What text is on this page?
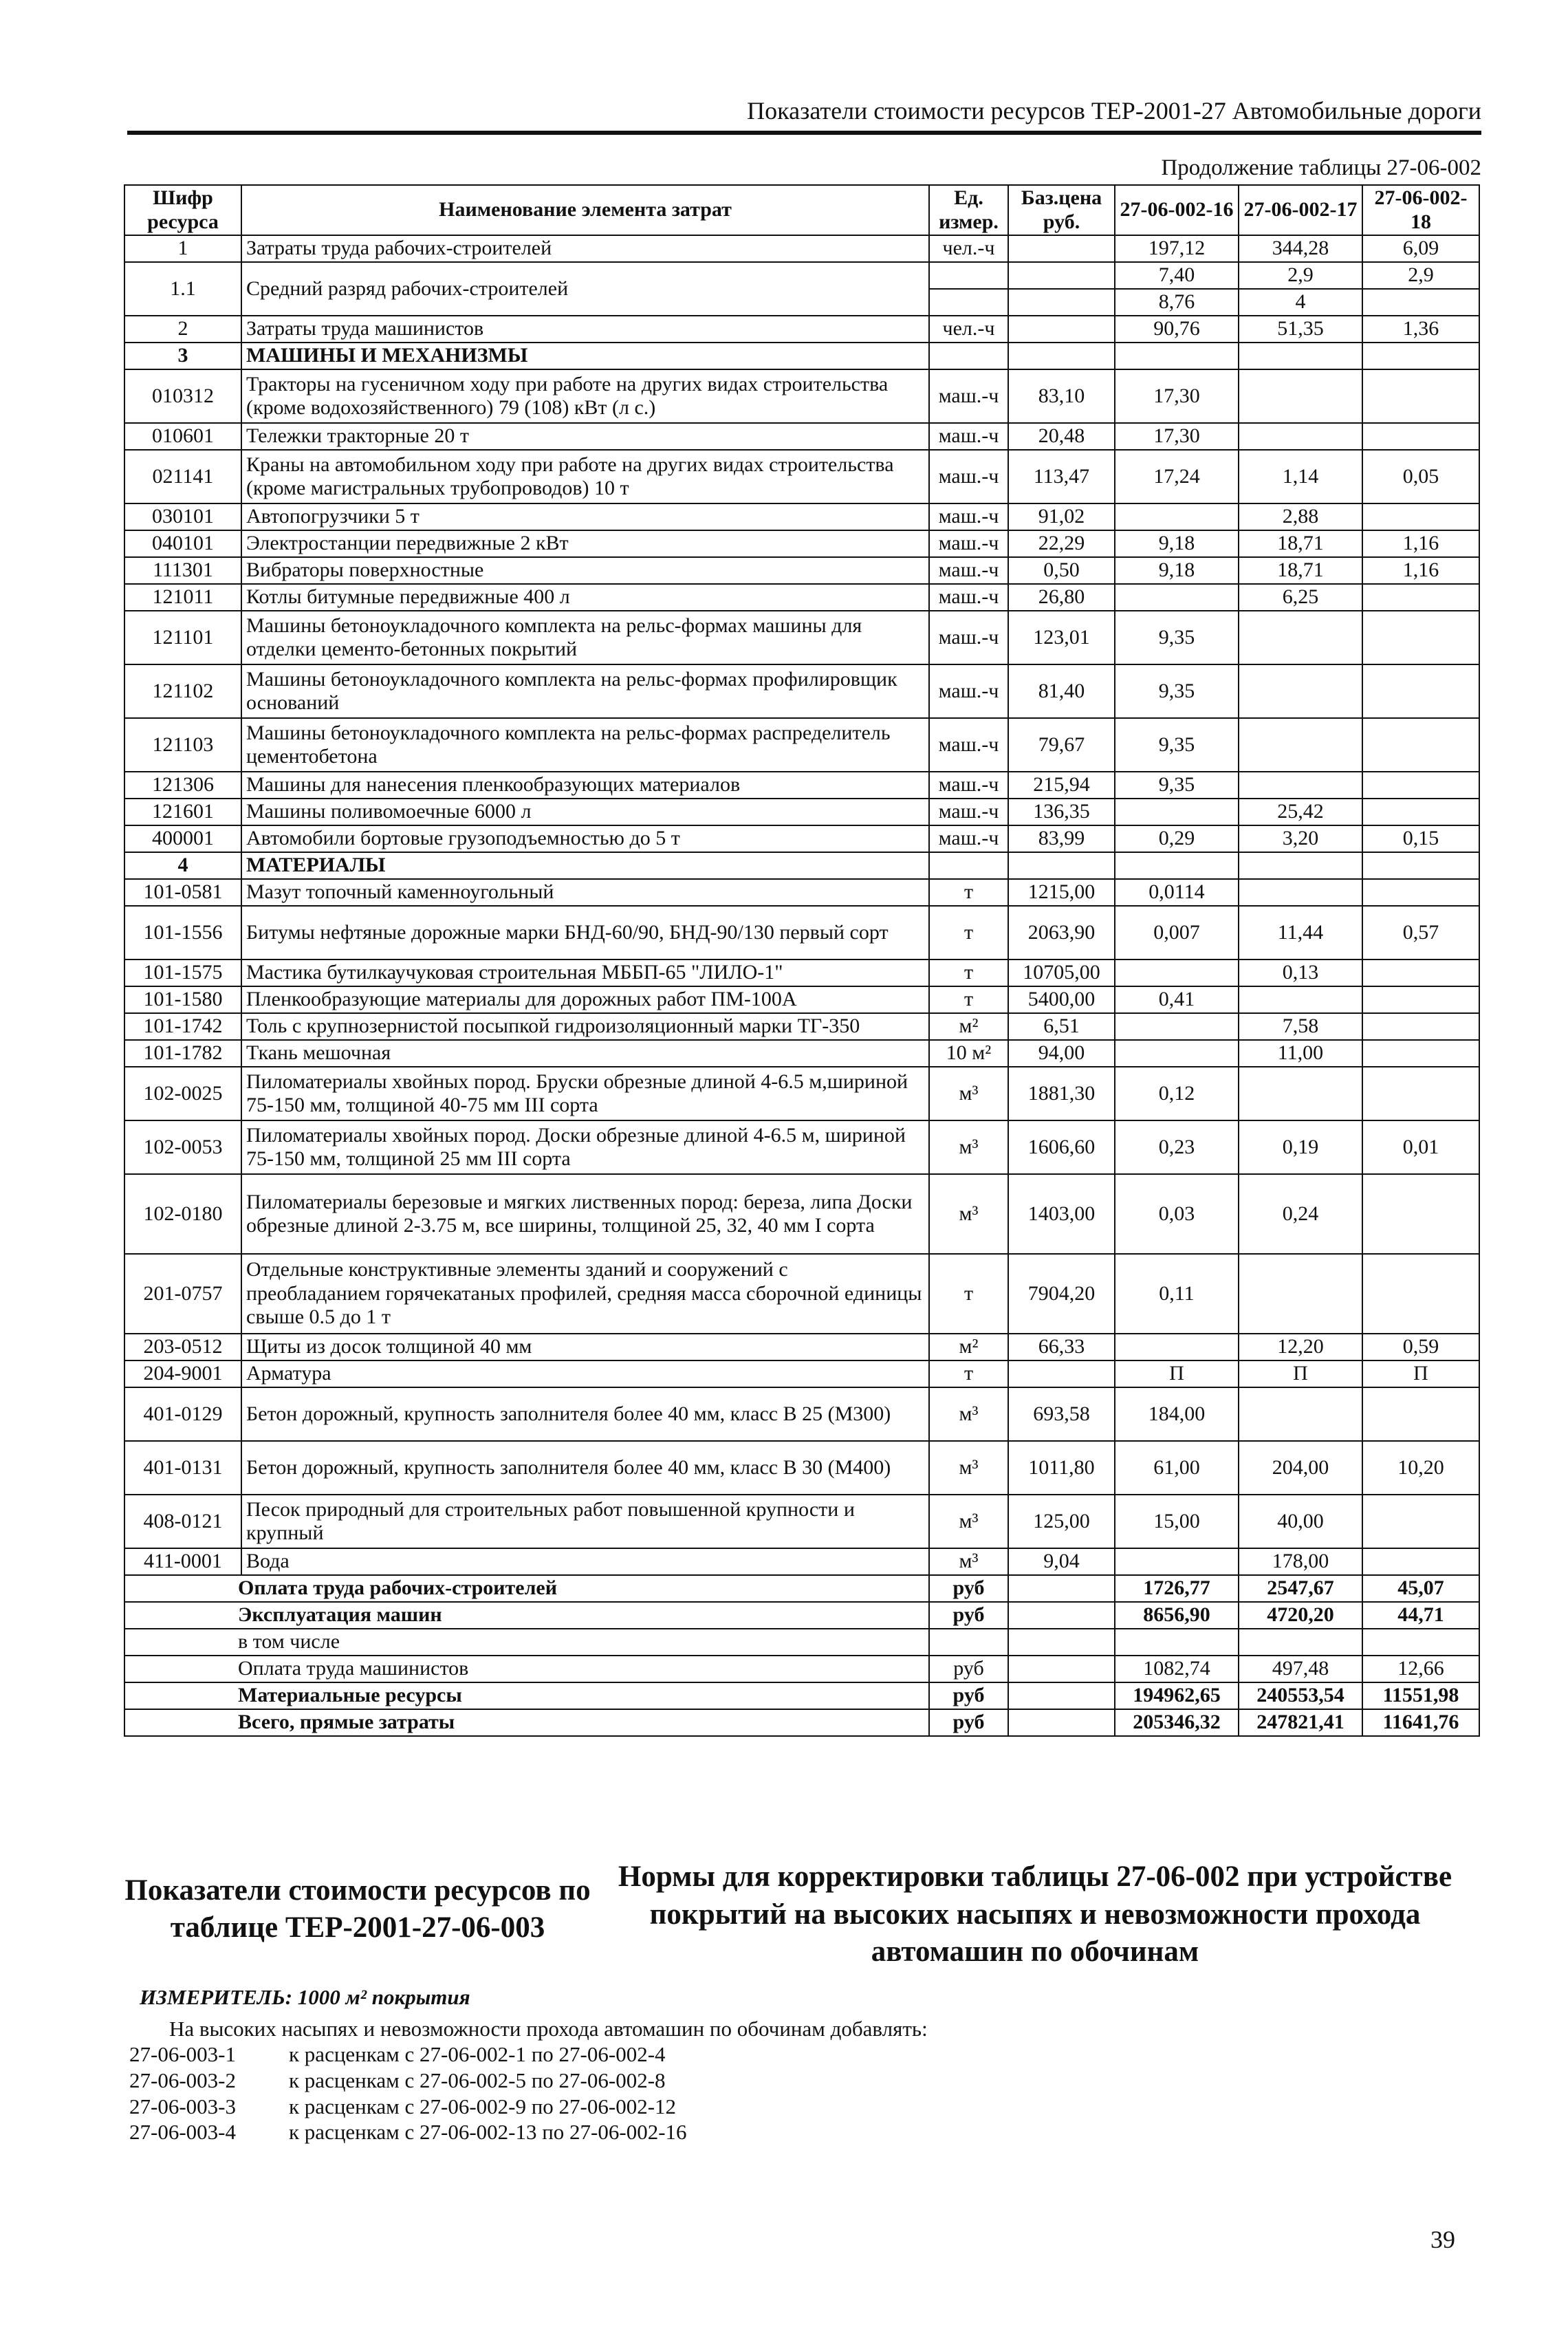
Показатели стоимости ресурсов ТЕР-2001-27 Автомобильные дороги
Продолжение таблицы 27-06-002
Шифр ресурса	Наименование элемента затрат	Ед. измер.	Баз.цена руб.	27-06-002-16	27-06-002-17	27-06-002-18
1	Затраты труда рабочих-строителей	чел.-ч		197,12	344,28	6,09
1.1	Средний разряд рабочих-строителей			7,40	2,9	2,9
				8,76	4	
2	Затраты труда машинистов	чел.-ч		90,76	51,35	1,36
3	МАШИНЫ И МЕХАНИЗМЫ					
010312	Тракторы на гусеничном ходу при работе на других видах строительства (кроме водохозяйственного) 79 (108) кВт (л с.)	маш.-ч	83,10	17,30		
010601	Тележки тракторные 20 т	маш.-ч	20,48	17,30		
021141	Краны на автомобильном ходу при работе на других видах строительства (кроме магистральных трубопроводов) 10 т	маш.-ч	113,47	17,24	1,14	0,05
030101	Автопогрузчики 5 т	маш.-ч	91,02		2,88	
040101	Электростанции передвижные 2 кВт	маш.-ч	22,29	9,18	18,71	1,16
111301	Вибраторы поверхностные	маш.-ч	0,50	9,18	18,71	1,16
121011	Котлы битумные передвижные 400 л	маш.-ч	26,80		6,25	
121101	Машины бетоноукладочного комплекта на рельс-формах машины для отделки цементо-бетонных покрытий	маш.-ч	123,01	9,35		
121102	Машины бетоноукладочного комплекта на рельс-формах профилировщик оснований	маш.-ч	81,40	9,35		
121103	Машины бетоноукладочного комплекта на рельс-формах распределитель цементобетона	маш.-ч	79,67	9,35		
121306	Машины для нанесения пленкообразующих материалов	маш.-ч	215,94	9,35		
121601	Машины поливомоечные 6000 л	маш.-ч	136,35		25,42	
400001	Автомобили бортовые грузоподъемностью до 5 т	маш.-ч	83,99	0,29	3,20	0,15
4	МАТЕРИАЛЫ					
101-0581	Мазут топочный каменноугольный	т	1215,00	0,0114		
101-1556	Битумы нефтяные дорожные марки БНД-60/90, БНД-90/130 первый сорт	т	2063,90	0,007	11,44	0,57
101-1575	Мастика бутилкаучуковая строительная МББП-65 "ЛИЛО-1"	т	10705,00		0,13	
101-1580	Пленкообразующие материалы для дорожных работ ПМ-100А	т	5400,00	0,41		
101-1742	Толь с крупнозернистой посыпкой гидроизоляционный марки ТГ-350	м²	6,51		7,58	
101-1782	Ткань мешочная	10 м²	94,00		11,00	
102-0025	Пиломатериалы хвойных пород. Бруски обрезные длиной 4-6.5 м,шириной 75-150 мм, толщиной 40-75 мм III сорта	м³	1881,30	0,12		
102-0053	Пиломатериалы хвойных пород. Доски обрезные длиной 4-6.5 м, шириной 75-150 мм, толщиной 25 мм III сорта	м³	1606,60	0,23	0,19	0,01
102-0180	Пиломатериалы березовые и мягких лиственных пород: береза, липа Доски обрезные длиной 2-3.75 м, все ширины, толщиной 25, 32, 40 мм I сорта	м³	1403,00	0,03	0,24	
201-0757	Отдельные конструктивные элементы зданий и сооружений с преобладанием горячекатаных профилей, средняя масса сборочной единицы свыше 0.5 до 1 т	т	7904,20	0,11		
203-0512	Щиты из досок толщиной 40 мм	м²	66,33		12,20	0,59
204-9001	Арматура	т		П	П	П
401-0129	Бетон дорожный, крупность заполнителя более 40 мм, класс В 25 (М300)	м³	693,58	184,00		
401-0131	Бетон дорожный, крупность заполнителя более 40 мм, класс В 30 (М400)	м³	1011,80	61,00	204,00	10,20
408-0121	Песок природный для строительных работ повышенной крупности и крупный	м³	125,00	15,00	40,00	
411-0001	Вода	м³	9,04		178,00	
Оплата труда рабочих-строителей		руб		1726,77	2547,67	45,07
Эксплуатация машин		руб		8656,90	4720,20	44,71
в том числе						
Оплата труда машинистов		руб		1082,74	497,48	12,66
Материальные ресурсы		руб		194962,65	240553,54	11551,98
Всего, прямые затраты		руб		205346,32	247821,41	11641,76
Показатели стоимости ресурсов по таблице ТЕР-2001-27-06-003
Нормы для корректировки таблицы 27-06-002 при устройстве покрытий на высоких насыпях и невозможности прохода автомашин по обочинам
ИЗМЕРИТЕЛЬ: 1000 м² покрытия
На высоких насыпях и невозможности прохода автомашин по обочинам добавлять:
27-06-003-1	к расценкам с 27-06-002-1 по 27-06-002-4
27-06-003-2	к расценкам с 27-06-002-5 по 27-06-002-8
27-06-003-3	к расценкам с 27-06-002-9 по 27-06-002-12
27-06-003-4	к расценкам с 27-06-002-13 по 27-06-002-16
39
